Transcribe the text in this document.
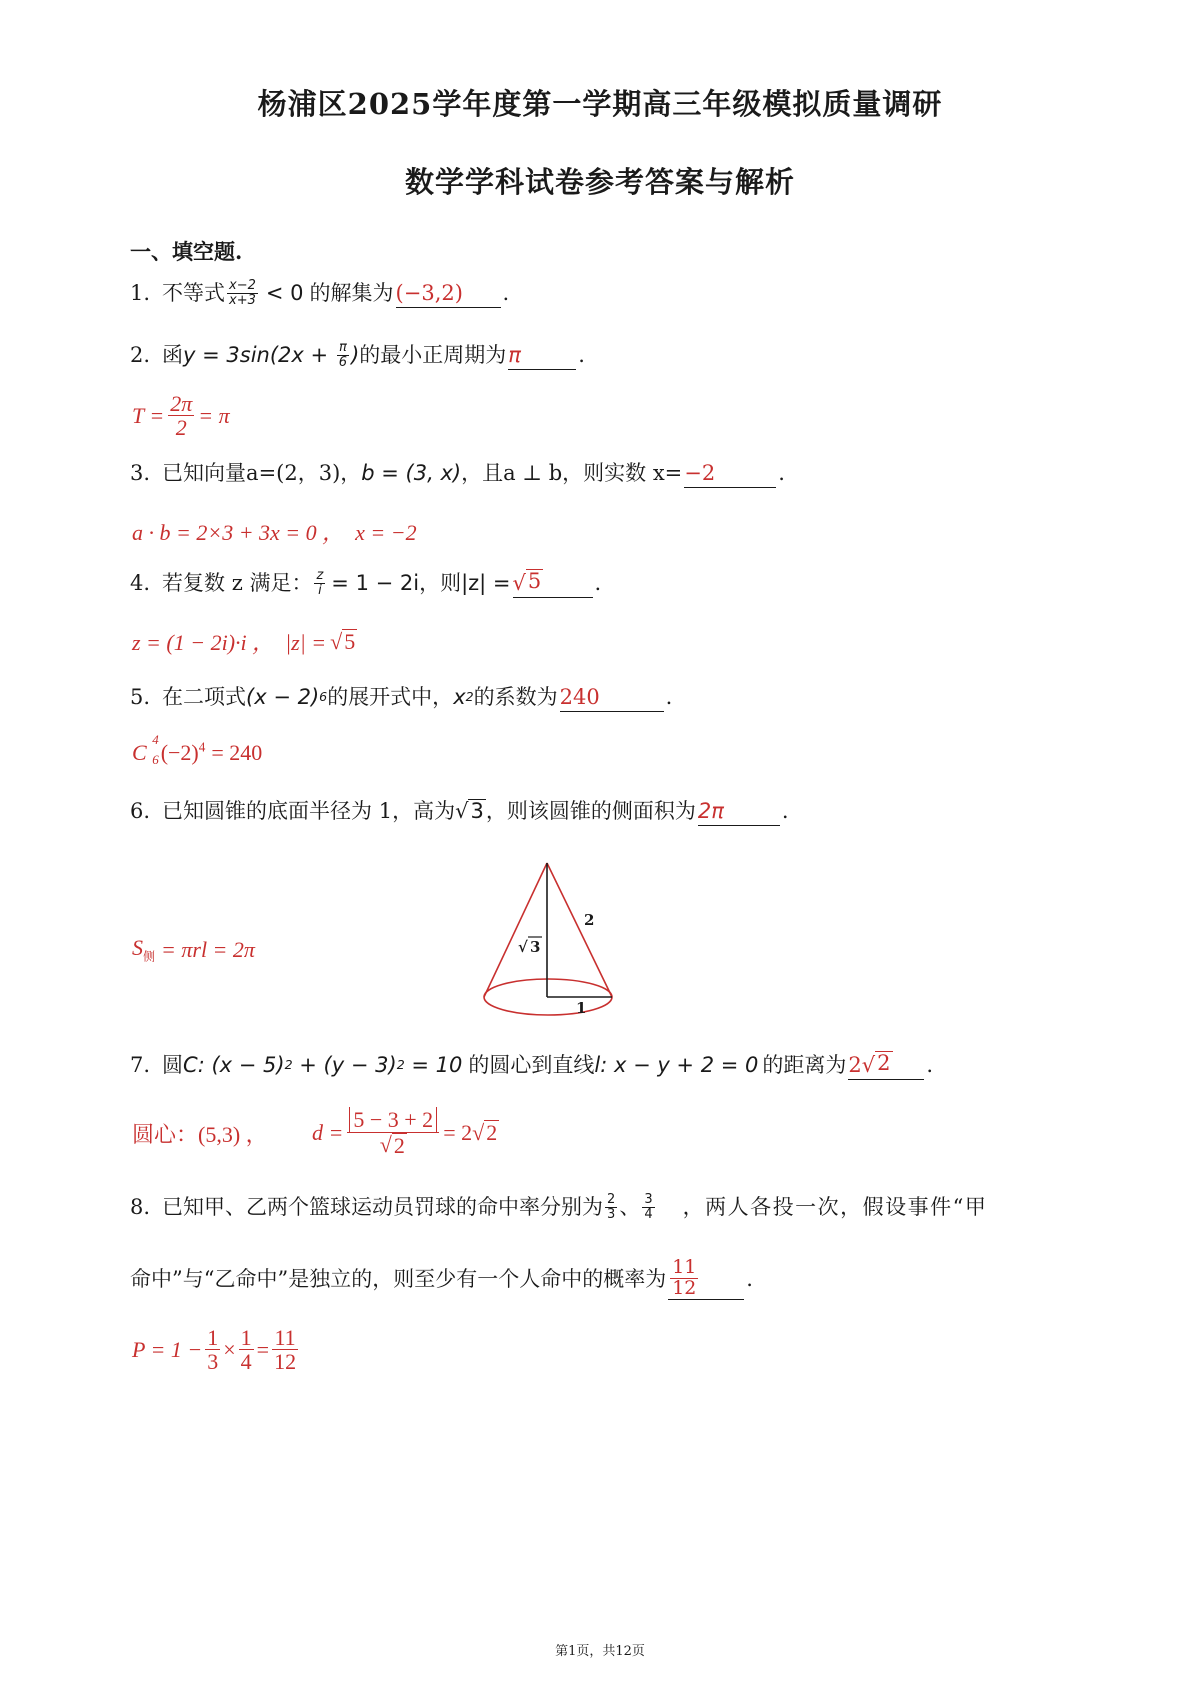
杨浦区2025学年度第一学期高三年级模拟质量调研
数学学科试卷参考答案与解析
一、填空题.
1. 不等式 $\frac{x-2}{x+3} < 0$ 的解集为 (−3,2)	.
2. 函 $y = 3\sin(2x + \frac{\pi}{6}$ ) 的最小正周期为 π	.
$T = \frac{2\pi}{2} = \pi$
3. 已知向量 a=(2，3)， b = (3, x) ，且a ⊥ b，则实数 x= −2	.
a · b = 2×3 + 3x = 0 ，  x = −2
4. 若复数 z 满足： $\frac{z}{i} = 1 - 2i$，则|z| = √ 5	.
z = (1 − 2i)·i ，  |z| = √ 5
5. 在二项式 (x − 2) 6 的展开式中， x 2 的系数为 240	.
C
4
6 $(-2)^4 = 240$
6. 已知圆锥的底面半径为 1，高为 √ 3 ，则该圆锥的侧面积为 2π	.
$S_侧 = \pi rl = 2\pi$
2
1
√ 3
7. 圆 C: (x − 5) 2 + (y − 3) 2 = 10 的圆心到直线 l: x − y + 2 = 0 的距离为 2 √ 2 .
圆心：(5,3) ，	$d = \frac{5 - 3 + 2}{√ 2} = 2$ √ 2
8. 已知甲、乙两个篮球运动员罚球的命中率分别为 $\frac{2}{3}$ 、 $\frac{3}{4}$ ，两人各投一次，假设事件“甲
命中”与“乙命中”是独立的，则至少有一个人命中的概率为 $\frac{11}{12}$ .
$P = 1 - \frac{1}{3} \times \frac{1}{4} = \frac{11}{12}$
第1页，共12页
